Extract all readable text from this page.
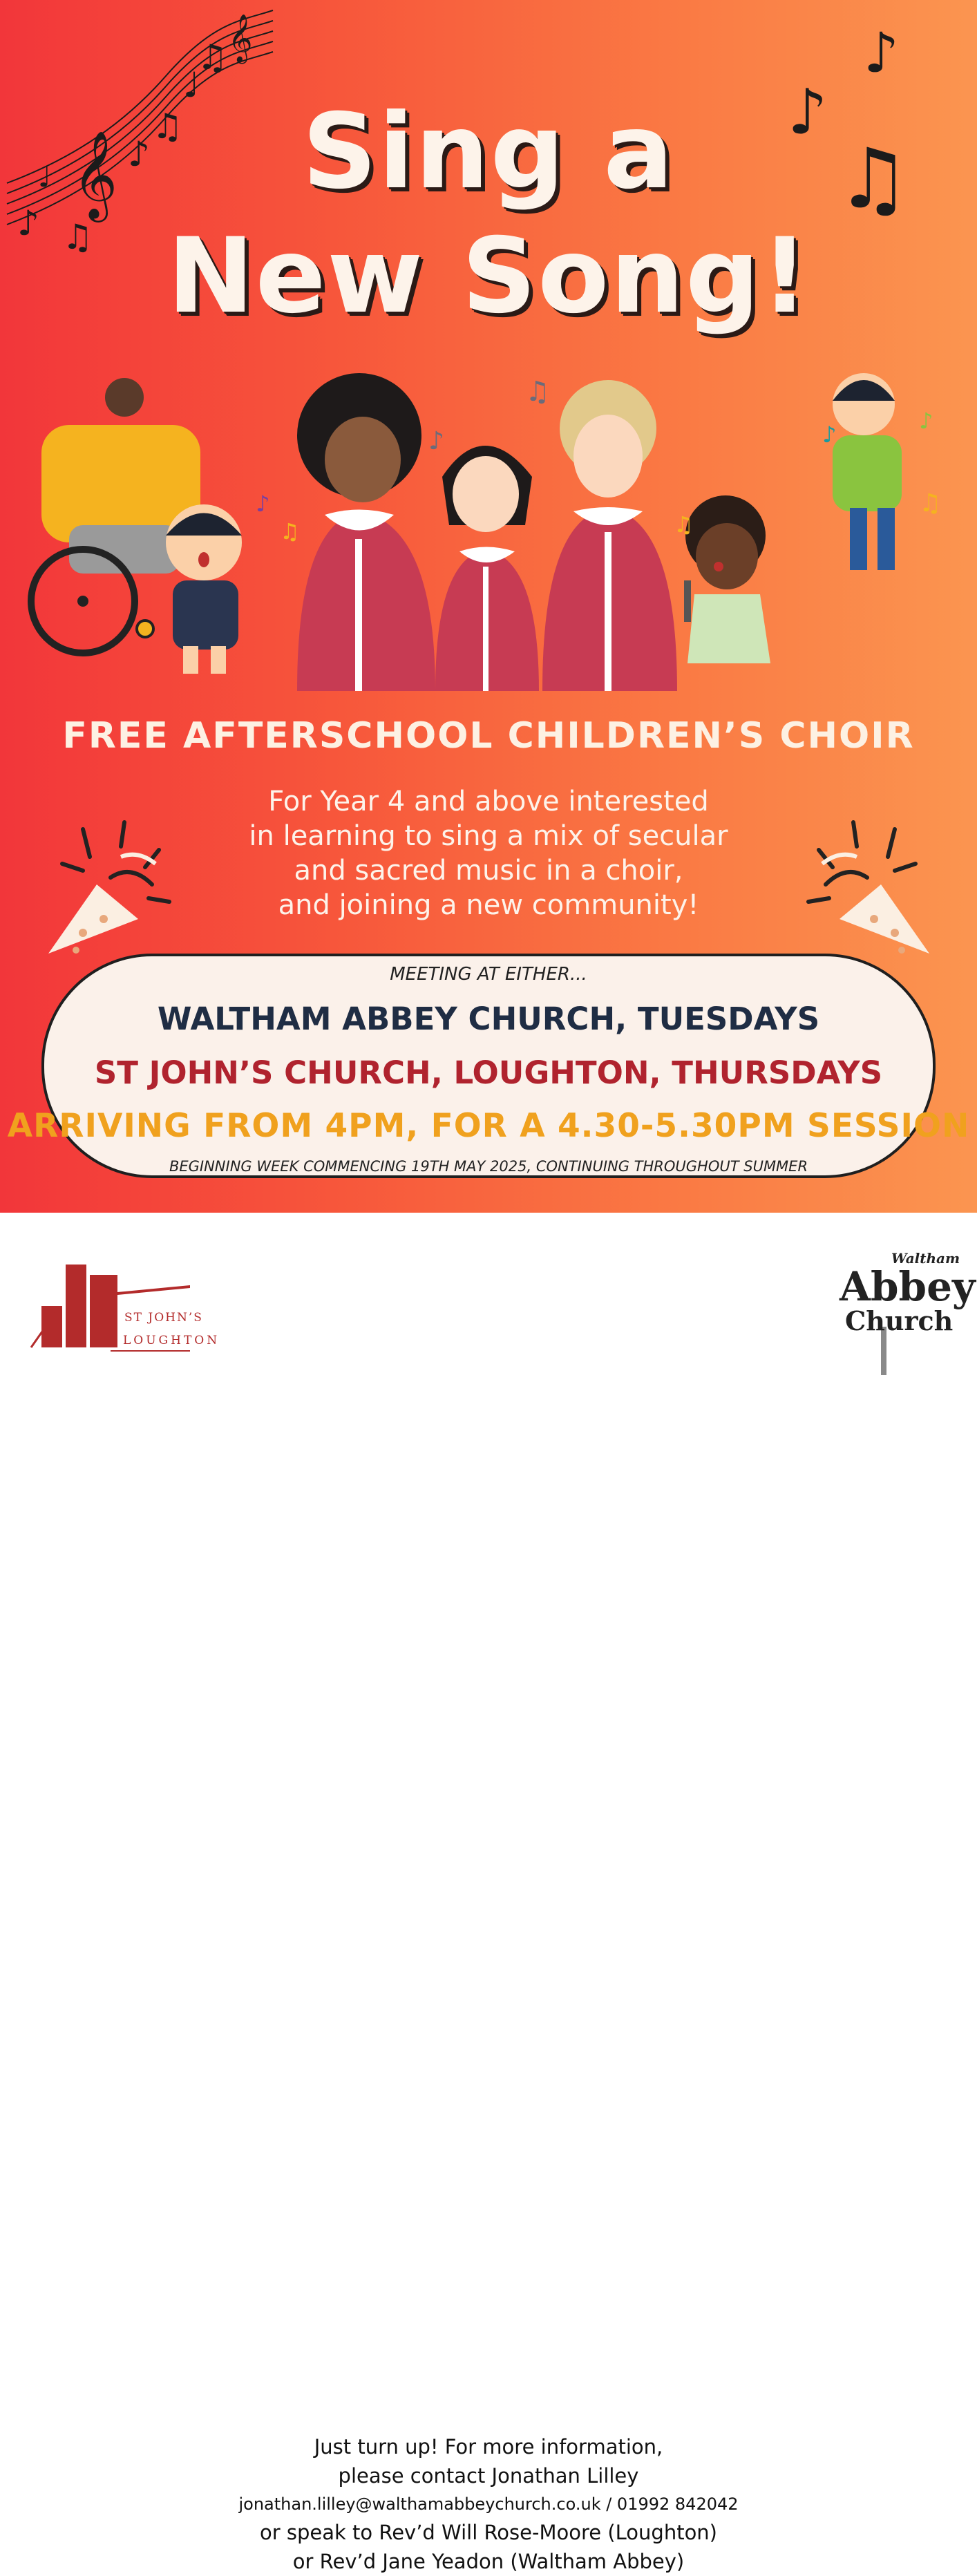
𝄞
𝄞
♩
♪ ♫
♪
♫
♩
♫	♪
♪
♫
Sing a
New Song!
♫
♪
♪
♫
♪
♪
♫
♫
FREE AFTERSCHOOL CHILDREN’S CHOIR
For Year 4 and above interested
in learning to sing a mix of secular
and sacred music in a choir,
and joining a new community!
MEETING AT EITHER...
WALTHAM ABBEY CHURCH, TUESDAYS
ST JOHN’S CHURCH, LOUGHTON, THURSDAYS
ARRIVING FROM 4PM, FOR A 4.30-5.30PM SESSION
BEGINNING WEEK COMMENCING 19TH MAY 2025, CONTINUING THROUGHOUT SUMMER
ST JOHN’S
LOUGHTON
Just turn up! For more information,
please contact Jonathan Lilley
jonathan.lilley@walthamabbeychurch.co.uk / 01992 842042
or speak to Rev’d Will Rose-Moore (Loughton)
or Rev’d Jane Yeadon (Waltham Abbey)
Waltham
Abbey
Church
